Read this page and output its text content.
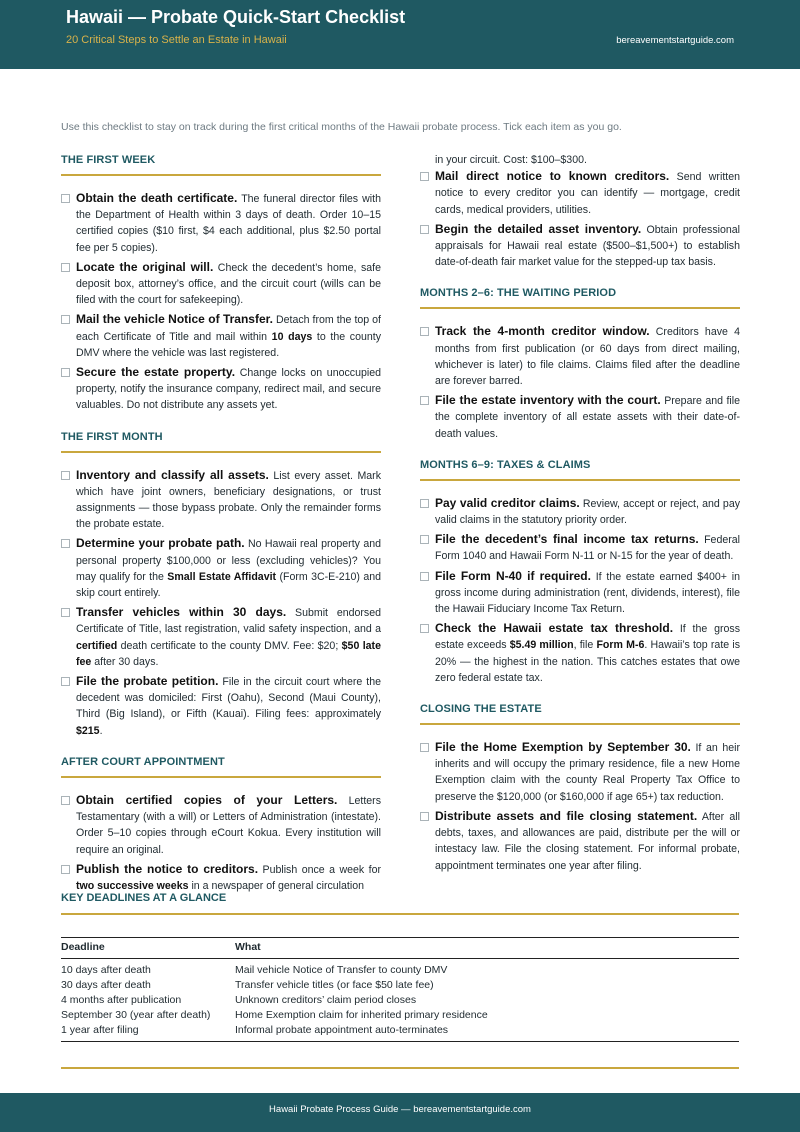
Hawaii — Probate Quick-Start Checklist
20 Critical Steps to Settle an Estate in Hawaii	bereavementstartguide.com
Use this checklist to stay on track during the first critical months of the Hawaii probate process. Tick each item as you go.
THE FIRST WEEK
Obtain the death certificate. The funeral director files with the Department of Health within 3 days of death. Order 10–15 certified copies ($10 first, $4 each additional, plus $2.50 portal fee per 5 copies).
Locate the original will. Check the decedent’s home, safe deposit box, attorney’s office, and the circuit court (wills can be filed with the court for safekeeping).
Mail the vehicle Notice of Transfer. Detach from the top of each Certificate of Title and mail within 10 days to the county DMV where the vehicle was last registered.
Secure the estate property. Change locks on unoccupied property, notify the insurance company, redirect mail, and secure valuables. Do not distribute any assets yet.
THE FIRST MONTH
Inventory and classify all assets. List every asset. Mark which have joint owners, beneficiary designations, or trust assignments — those bypass probate. Only the remainder forms the probate estate.
Determine your probate path. No Hawaii real property and personal property $100,000 or less (excluding vehicles)? You may qualify for the Small Estate Affidavit (Form 3C-E-210) and skip court entirely.
Transfer vehicles within 30 days. Submit endorsed Certificate of Title, last registration, valid safety inspection, and a certified death certificate to the county DMV. Fee: $20; $50 late fee after 30 days.
File the probate petition. File in the circuit court where the decedent was domiciled: First (Oahu), Second (Maui County), Third (Big Island), or Fifth (Kauai). Filing fees: approximately $215.
AFTER COURT APPOINTMENT
Obtain certified copies of your Letters. Letters Testamentary (with a will) or Letters of Administration (intestate). Order 5–10 copies through eCourt Kokua. Every institution will require an original.
Publish the notice to creditors. Publish once a week for two successive weeks in a newspaper of general circulation
in your circuit. Cost: $100–$300.
Mail direct notice to known creditors. Send written notice to every creditor you can identify — mortgage, credit cards, medical providers, utilities.
Begin the detailed asset inventory. Obtain professional appraisals for Hawaii real estate ($500–$1,500+) to establish date-of-death fair market value for the stepped-up tax basis.
MONTHS 2–6: THE WAITING PERIOD
Track the 4-month creditor window. Creditors have 4 months from first publication (or 60 days from direct mailing, whichever is later) to file claims. Claims filed after the deadline are forever barred.
File the estate inventory with the court. Prepare and file the complete inventory of all estate assets with their date-of-death values.
MONTHS 6–9: TAXES & CLAIMS
Pay valid creditor claims. Review, accept or reject, and pay valid claims in the statutory priority order.
File the decedent’s final income tax returns. Federal Form 1040 and Hawaii Form N-11 or N-15 for the year of death.
File Form N-40 if required. If the estate earned $400+ in gross income during administration (rent, dividends, interest), file the Hawaii Fiduciary Income Tax Return.
Check the Hawaii estate tax threshold. If the gross estate exceeds $5.49 million, file Form M-6. Hawaii’s top rate is 20% — the highest in the nation. This catches estates that owe zero federal estate tax.
CLOSING THE ESTATE
File the Home Exemption by September 30. If an heir inherits and will occupy the primary residence, file a new Home Exemption claim with the county Real Property Tax Office to preserve the $120,000 (or $160,000 if age 65+) tax reduction.
Distribute assets and file closing statement. After all debts, taxes, and allowances are paid, distribute per the will or intestacy law. File the closing statement. For informal probate, appointment terminates one year after filing.
KEY DEADLINES AT A GLANCE
Deadline	What
10 days after death	Mail vehicle Notice of Transfer to county DMV
30 days after death	Transfer vehicle titles (or face $50 late fee)
4 months after publication	Unknown creditors’ claim period closes
September 30 (year after death)	Home Exemption claim for inherited primary residence
1 year after filing	Informal probate appointment auto-terminates
Hawaii Probate Process Guide — bereavementstartguide.com
